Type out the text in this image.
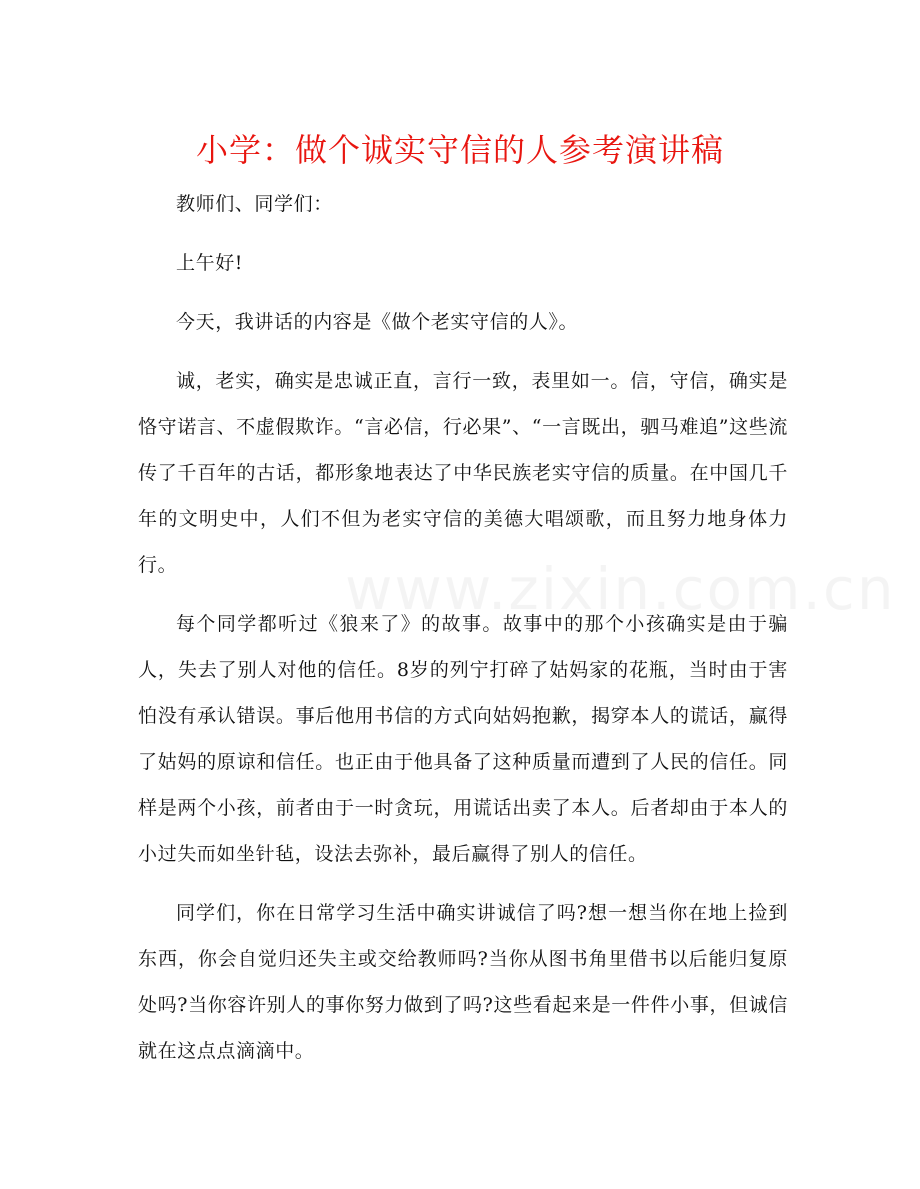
小学：做个诚实守信的人参考演讲稿

教师们、同学们：

上午好!

今天，我讲话的内容是《做个老实守信的人》。

诚，老实，确实是忠诚正直，言行一致，表里如一。信，守信，确实是恪守诺言、不虚假欺诈。“言必信，行必果”、“一言既出，驷马难追”这些流传了千百年的古话，都形象地表达了中华民族老实守信的质量。在中国几千年的文明史中，人们不但为老实守信的美德大唱颂歌，而且努力地身体力行。

每个同学都听过《狼来了》的故事。故事中的那个小孩确实是由于骗人，失去了别人对他的信任。8岁的列宁打碎了姑妈家的花瓶，当时由于害怕没有承认错误。事后他用书信的方式向姑妈抱歉，揭穿本人的谎话，赢得了姑妈的原谅和信任。也正由于他具备了这种质量而遭到了人民的信任。同样是两个小孩，前者由于一时贪玩，用谎话出卖了本人。后者却由于本人的小过失而如坐针毡，设法去弥补，最后赢得了别人的信任。

同学们，你在日常学习生活中确实讲诚信了吗?想一想当你在地上捡到东西，你会自觉归还失主或交给教师吗?当你从图书角里借书以后能归复原处吗?当你容许别人的事你努力做到了吗?这些看起来是一件件小事，但诚信就在这点点滴滴中。
